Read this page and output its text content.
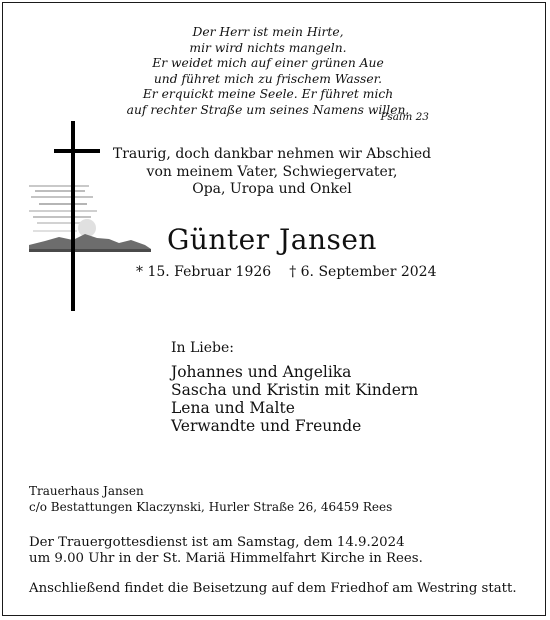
Der Herr ist mein Hirte,
mir wird nichts mangeln.
Er weidet mich auf einer grünen Aue
und führet mich zu frischem Wasser.
Er erquickt meine Seele. Er führet mich
auf rechter Straße um seines Namens willen.
Psalm 23
Traurig, doch dankbar nehmen wir Abschied
von meinem Vater, Schwiegervater,
Opa, Uropa und Onkel
Günter Jansen
* 15. Februar 1926 † 6. September 2024
In Liebe:
Johannes und Angelika
Sascha und Kristin mit Kindern
Lena und Malte
Verwandte und Freunde
Trauerhaus Jansen
c/o Bestattungen Klaczynski, Hurler Straße 26, 46459 Rees
Der Trauergottesdienst ist am Samstag, dem 14.9.2024
um 9.00 Uhr in der St. Mariä Himmelfahrt Kirche in Rees.
Anschließend findet die Beisetzung auf dem Friedhof am Westring statt.
